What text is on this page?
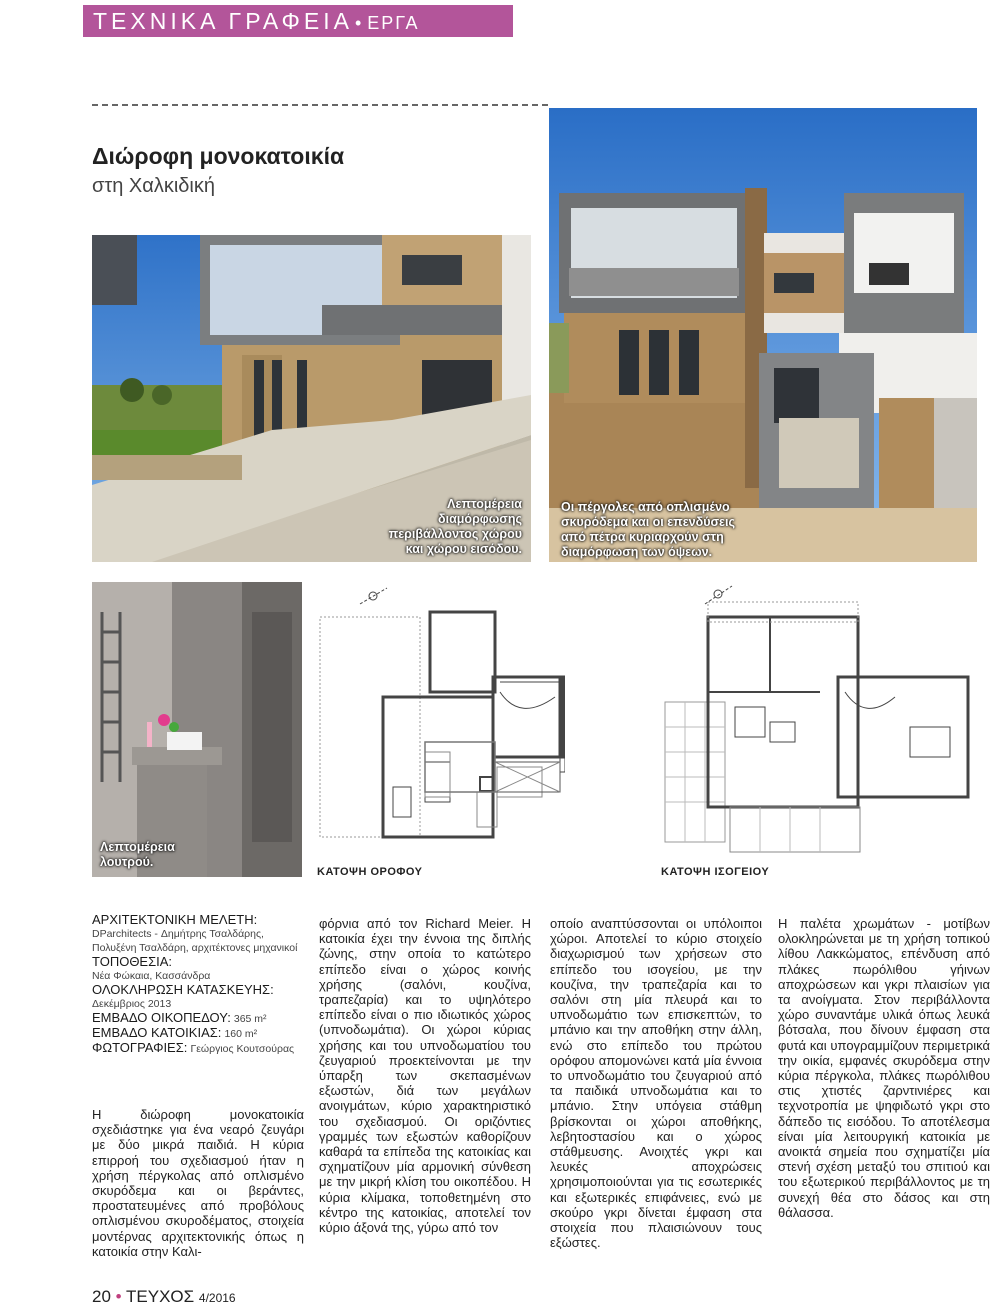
ΤΕΧΝΙΚΑ ΓΡΑΦΕΙΑ • ΕΡΓΑ
Διώροφη μονοκατοικία
στη Χαλκιδική
Λεπτομέρεια διαμόρφωσης περιβάλλοντος χώρου και χώρου εισόδου.
Οι πέργολες από οπλισμένο σκυρόδεμα και οι επενδύσεις από πέτρα κυριαρχούν στη διαμόρφωση των όψεων.
Λεπτομέρεια λουτρού.
ΚΑΤΟΨΗ ΟΡΟΦΟΥ	ΚΑΤΟΨΗ ΙΣΟΓΕΙΟΥ
ΑΡΧΙΤΕΚΤΟΝΙΚΗ ΜΕΛΕΤΗ:
DParchitects - Δημήτρης Τσαλδάρης, Πολυξένη Τσαλδάρη, αρχιτέκτονες μηχανικοί
ΤΟΠΟΘΕΣΙΑ:
Νέα Φώκαια, Κασσάνδρα
ΟΛΟΚΛΗΡΩΣΗ ΚΑΤΑΣΚΕΥΗΣ:
Δεκέμβριος 2013
ΕΜΒΑΔΟ ΟΙΚΟΠΕΔΟΥ: 365 m²
ΕΜΒΑΔΟ ΚΑΤΟΙΚΙΑΣ: 160 m²
ΦΩΤΟΓΡΑΦΙΕΣ: Γεώργιος Κουτσούρας
Η διώροφη μονοκατοικία σχεδιάστηκε για ένα νεαρό ζευγάρι με δύο μικρά παιδιά. Η κύρια επιρροή του σχεδιασμού ήταν η χρήση πέργκολας από οπλισμένο σκυρόδεμα και οι βεράντες, προστατευμένες από προβόλους οπλισμένου σκυροδέματος, στοιχεία μοντέρνας αρχιτεκτονικής όπως η κατοικία στην Καλι-
φόρνια από τον Richard Meier. Η κατοικία έχει την έννοια της διπλής ζώνης, στην οποία το κατώτερο επίπεδο είναι ο χώρος κοινής χρήσης (σαλόνι, κουζίνα, τραπεζαρία) και το υψηλότερο επίπεδο είναι ο πιο ιδιωτικός χώρος (υπνοδωμάτια). Οι χώροι κύριας χρήσης και του υπνοδωματίου του ζευγαριού προεκτείνονται με την ύπαρξη των σκεπασμένων εξωστών, διά των μεγάλων ανοιγμάτων, κύριο χαρακτηριστικό του σχεδιασμού. Οι οριζόντιες γραμμές των εξωστών καθορίζουν καθαρά τα επίπεδα της κατοικίας και σχηματίζουν μία αρμονική σύνθεση με την μικρή κλίση του οικοπέδου. Η κύρια κλίμακα, τοποθετημένη στο κέντρο της κατοικίας, αποτελεί τον κύριο άξονά της, γύρω από τον
οποίο αναπτύσσονται οι υπόλοιποι χώροι. Αποτελεί το κύριο στοιχείο διαχωρισμού των χρήσεων στο επίπεδο του ισογείου, με την κουζίνα, την τραπεζαρία και το σαλόνι στη μία πλευρά και το υπνοδωμάτιο των επισκεπτών, το μπάνιο και την αποθήκη στην άλλη, ενώ στο επίπεδο του πρώτου ορόφου απομονώνει κατά μία έννοια το υπνοδωμάτιο του ζευγαριού από τα παιδικά υπνοδωμάτια και το μπάνιο. Στην υπόγεια στάθμη βρίσκονται οι χώροι αποθήκης, λεβητοστασίου και ο χώρος στάθμευσης. Ανοιχτές γκρι και λευκές αποχρώσεις χρησιμοποιούνται για τις εσωτερικές και εξωτερικές επιφάνειες, ενώ με σκούρο γκρι δίνεται έμφαση στα στοιχεία που πλαισιώνουν τους εξώστες.
Η παλέτα χρωμάτων - μοτίβων ολοκληρώνεται με τη χρήση τοπικού λίθου Λακκώματος, επένδυση από πλάκες πωρόλιθου γήινων αποχρώσεων και γκρι πλαισίων για τα ανοίγματα. Στον περιβάλλοντα χώρο συναντάμε υλικά όπως λευκά βότσαλα, που δίνουν έμφαση στα φυτά και υπογραμμίζουν περιμετρικά την οικία, εμφανές σκυρόδεμα στην κύρια πέργκολα, πλάκες πωρόλιθου στις χτιστές ζαρντινιέρες και τεχνοτροπία με ψηφιδωτό γκρι στο δάπεδο τις εισόδου. Το αποτέλεσμα είναι μία λειτουργική κατοικία με ανοικτά σημεία που σχηματίζει μία στενή σχέση μεταξύ του σπιτιού και του εξωτερικού περιβάλλοντος με τη συνεχή θέα στο δάσος και στη θάλασσα.
20 • ΤΕΥΧΟΣ 4/2016
